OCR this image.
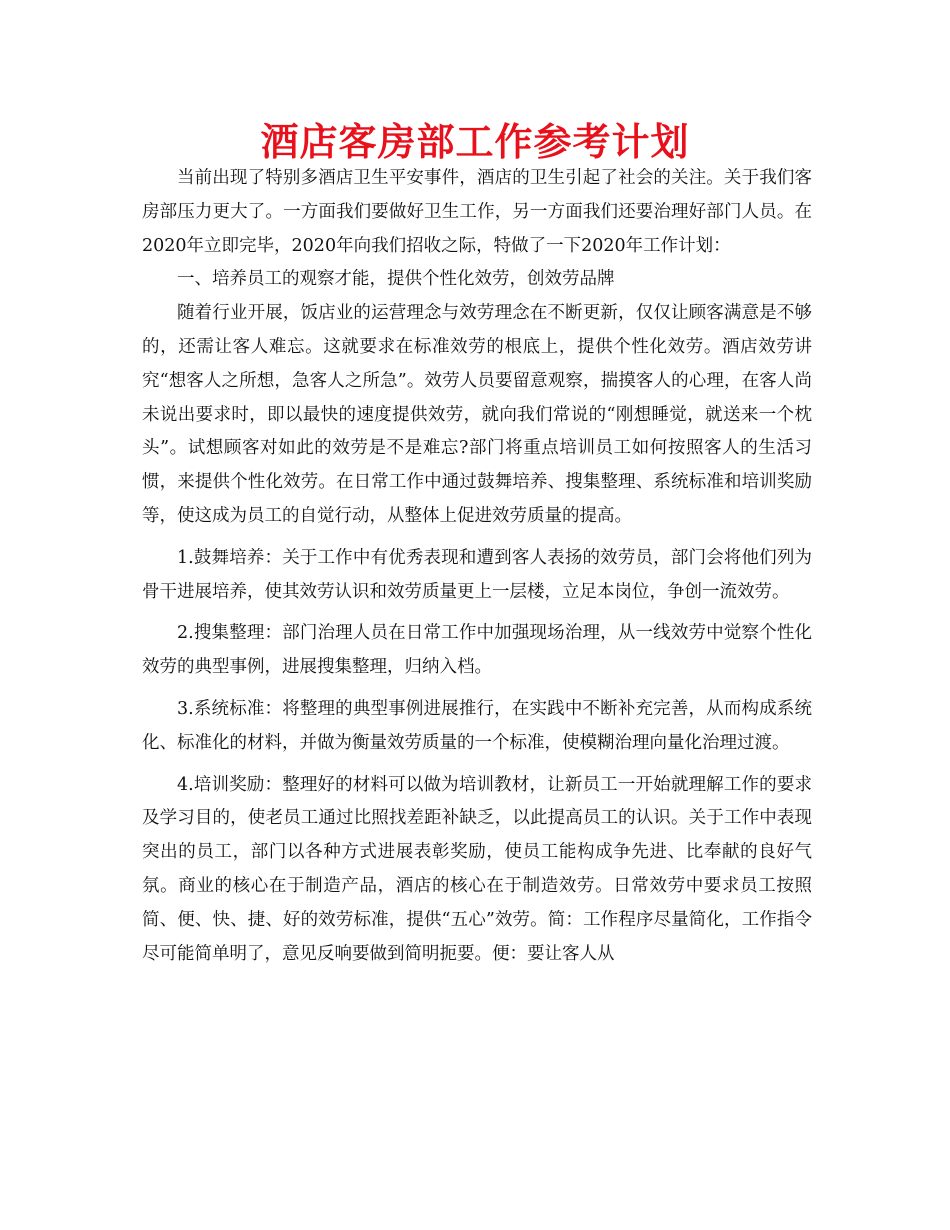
酒店客房部工作参考计划

当前出现了特别多酒店卫生平安事件，酒店的卫生引起了社会的关注。关于我们客房部压力更大了。一方面我们要做好卫生工作，另一方面我们还要治理好部门人员。在2020年立即完毕，2020年向我们招收之际，特做了一下2020年工作计划：

一、培养员工的观察才能，提供个性化效劳，创效劳品牌

随着行业开展，饭店业的运营理念与效劳理念在不断更新，仅仅让顾客满意是不够的，还需让客人难忘。这就要求在标准效劳的根底上，提供个性化效劳。酒店效劳讲究“想客人之所想，急客人之所急”。效劳人员要留意观察，揣摸客人的心理，在客人尚未说出要求时，即以最快的速度提供效劳，就向我们常说的“刚想睡觉，就送来一个枕头”。试想顾客对如此的效劳是不是难忘?部门将重点培训员工如何按照客人的生活习惯，来提供个性化效劳。在日常工作中通过鼓舞培养、搜集整理、系统标准和培训奖励等，使这成为员工的自觉行动，从整体上促进效劳质量的提高。

1.鼓舞培养：关于工作中有优秀表现和遭到客人表扬的效劳员，部门会将他们列为骨干进展培养，使其效劳认识和效劳质量更上一层楼，立足本岗位，争创一流效劳。

2.搜集整理：部门治理人员在日常工作中加强现场治理，从一线效劳中觉察个性化效劳的典型事例，进展搜集整理，归纳入档。

3.系统标准：将整理的典型事例进展推行，在实践中不断补充完善，从而构成系统化、标准化的材料，并做为衡量效劳质量的一个标准，使模糊治理向量化治理过渡。

4.培训奖励：整理好的材料可以做为培训教材，让新员工一开始就理解工作的要求及学习目的，使老员工通过比照找差距补缺乏，以此提高员工的认识。关于工作中表现突出的员工，部门以各种方式进展表彰奖励，使员工能构成争先进、比奉献的良好气氛。商业的核心在于制造产品，酒店的核心在于制造效劳。日常效劳中要求员工按照简、便、快、捷、好的效劳标准，提供“五心”效劳。简：工作程序尽量简化，工作指令尽可能简单明了，意见反响要做到简明扼要。便：要让客人从
